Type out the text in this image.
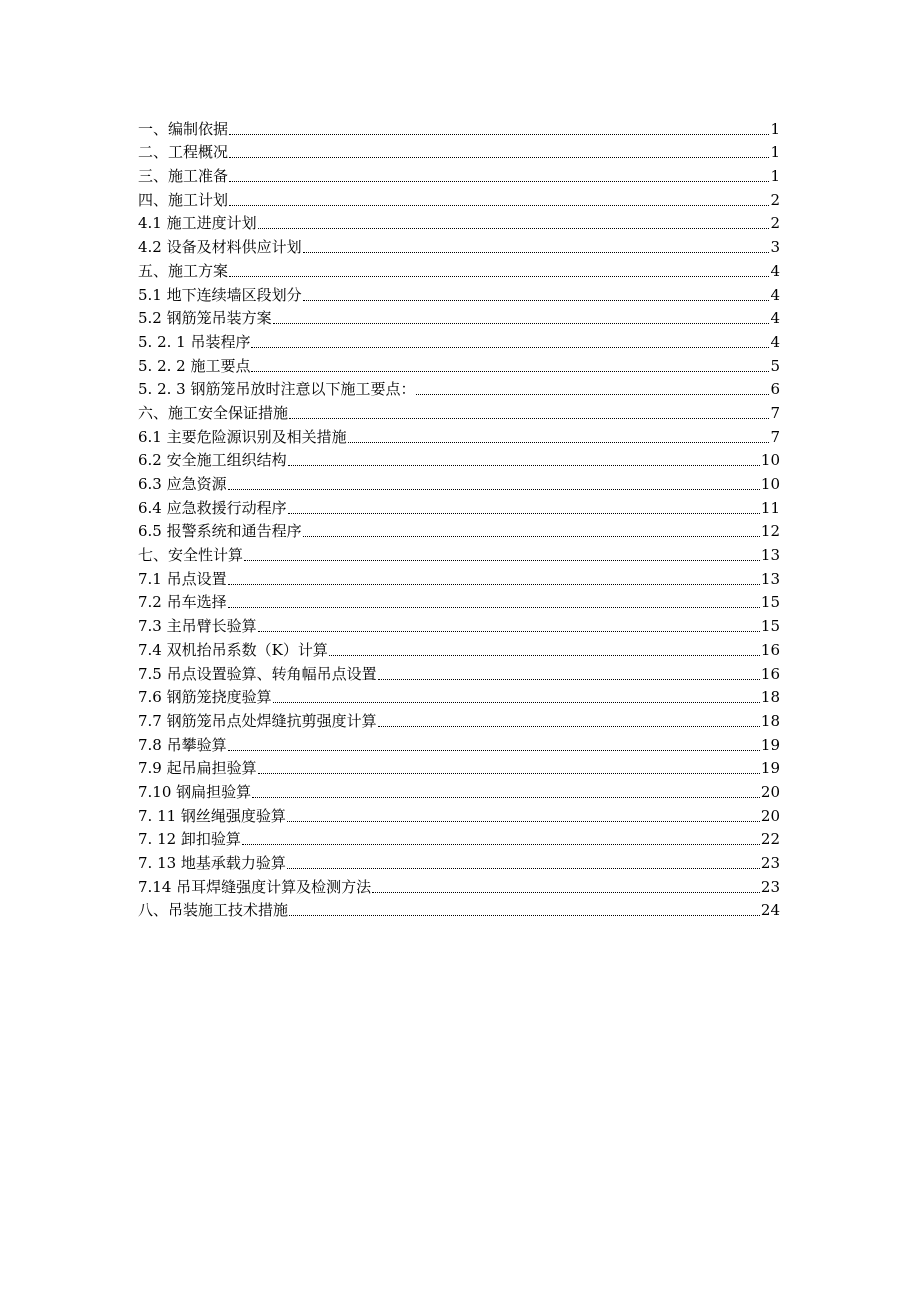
一、编制依据	1
二、工程概况	1
三、施工准备	1
四、施工计划	2
4.1 施工进度计划	2
4.2 设备及材料供应计划	3
五、施工方案	4
5.1 地下连续墙区段划分	4
5.2 钢筋笼吊装方案	4
5. 2. 1 吊装程序	4
5. 2. 2 施工要点	5
5. 2. 3 钢筋笼吊放时注意以下施工要点：	6
六、施工安全保证措施	7
6.1 主要危险源识别及相关措施	7
6.2 安全施工组织结构	10
6.3 应急资源	10
6.4 应急救援行动程序	11
6.5 报警系统和通告程序	12
七、安全性计算	13
7.1 吊点设置	13
7.2 吊车选择	15
7.3 主吊臂长验算	15
7.4 双机抬吊系数（K）计算	16
7.5 吊点设置验算、转角幅吊点设置	16
7.6 钢筋笼挠度验算	18
7.7 钢筋笼吊点处焊缝抗剪强度计算	18
7.8 吊攀验算	19
7.9 起吊扁担验算	19
7.10 钢扁担验算	20
7. 11 钢丝绳强度验算	20
7. 12 卸扣验算	22
7. 13 地基承载力验算	23
7.14 吊耳焊缝强度计算及检测方法	23
八、吊装施工技术措施	24
